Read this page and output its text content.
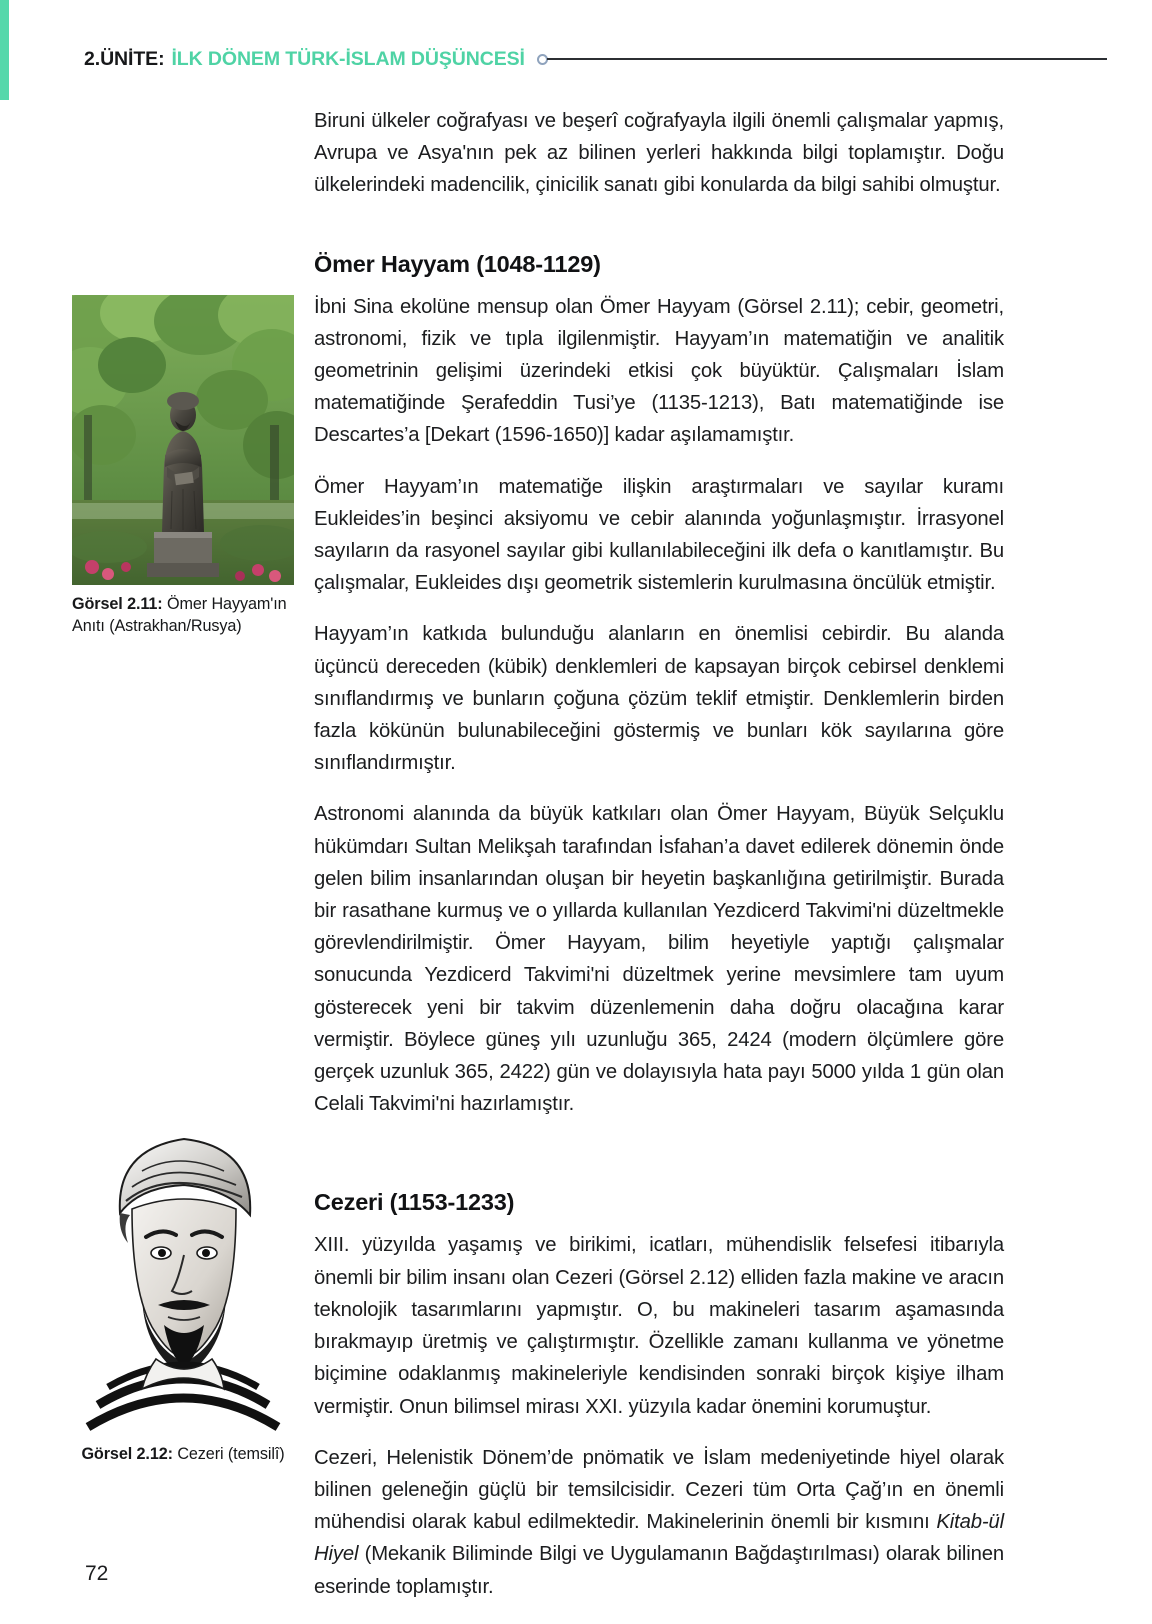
2.ÜNİTE: İLK DÖNEM TÜRK-İSLAM DÜŞÜNCESİ
Görsel 2.11: Ömer Hayyam'ın Anıtı (Astrakhan/Rusya)
Görsel 2.12: Cezeri (temsilî)

Biruni ülkeler coğrafyası ve beşerî coğrafyayla ilgili önemli çalışmalar yapmış, Avrupa ve Asya'nın pek az bilinen yerleri hakkında bilgi toplamıştır. Doğu ülkelerindeki madencilik, çinicilik sanatı gibi konularda da bilgi sahibi olmuştur.

Ömer Hayyam (1048-1129)

İbni Sina ekolüne mensup olan Ömer Hayyam (Görsel 2.11); cebir, geometri, astronomi, fizik ve tıpla ilgilenmiştir. Hayyam’ın matematiğin ve analitik geometrinin gelişimi üzerindeki etkisi çok büyüktür. Çalışmaları İslam matematiğinde Şerafeddin Tusi’ye (1135-1213), Batı matematiğinde ise Descartes’a [Dekart (1596-1650)] kadar aşılamamıştır.

Ömer Hayyam’ın matematiğe ilişkin araştırmaları ve sayılar kuramı Eukleides’in beşinci aksiyomu ve cebir alanında yoğunlaşmıştır. İrrasyonel sayıların da rasyonel sayılar gibi kullanılabileceğini ilk defa o kanıtlamıştır. Bu çalışmalar, Eukleides dışı geometrik sistemlerin kurulmasına öncülük etmiştir.

Hayyam’ın katkıda bulunduğu alanların en önemlisi cebirdir. Bu alanda üçüncü dereceden (kübik) denklemleri de kapsayan birçok cebirsel denklemi sınıflandırmış ve bunların çoğuna çözüm teklif etmiştir. Denklemlerin birden fazla kökünün bulunabileceğini göstermiş ve bunları kök sayılarına göre sınıflandırmıştır.

Astronomi alanında da büyük katkıları olan Ömer Hayyam, Büyük Selçuklu hükümdarı Sultan Melikşah tarafından İsfahan’a davet edilerek dönemin önde gelen bilim insanlarından oluşan bir heyetin başkanlığına getirilmiştir. Burada bir rasathane kurmuş ve o yıllarda kullanılan Yezdicerd Takvimi'ni düzeltmekle görevlendirilmiştir. Ömer Hayyam, bilim heyetiyle yaptığı çalışmalar sonucunda Yezdicerd Takvimi'ni düzeltmek yerine mevsimlere tam uyum gösterecek yeni bir takvim düzenlemenin daha doğru olacağına karar vermiştir. Böylece güneş yılı uzunluğu 365, 2424 (modern ölçümlere göre gerçek uzunluk 365, 2422) gün ve dolayısıyla hata payı 5000 yılda 1 gün olan Celali Takvimi'ni hazırlamıştır.

Cezeri (1153-1233)

XIII. yüzyılda yaşamış ve birikimi, icatları, mühendislik felsefesi itibarıyla önemli bir bilim insanı olan Cezeri (Görsel 2.12) elliden fazla makine ve aracın teknolojik tasarımlarını yapmıştır. O, bu makineleri tasarım aşamasında bırakmayıp üretmiş ve çalıştırmıştır. Özellikle zamanı kullanma ve yönetme biçimine odaklanmış makineleriyle kendisinden sonraki birçok kişiye ilham vermiştir. Onun bilimsel mirası XXI. yüzyıla kadar önemini korumuştur.

Cezeri, Helenistik Dönem’de pnömatik ve İslam medeniyetinde hiyel olarak bilinen geleneğin güçlü bir temsilcisidir. Cezeri tüm Orta Çağ’ın en önemli mühendisi olarak kabul edilmektedir. Makinelerinin önemli bir kısmını Kitab-ül Hiyel (Mekanik Biliminde Bilgi ve Uygulamanın Bağdaştırılması) olarak bilinen eserinde toplamıştır.

72
